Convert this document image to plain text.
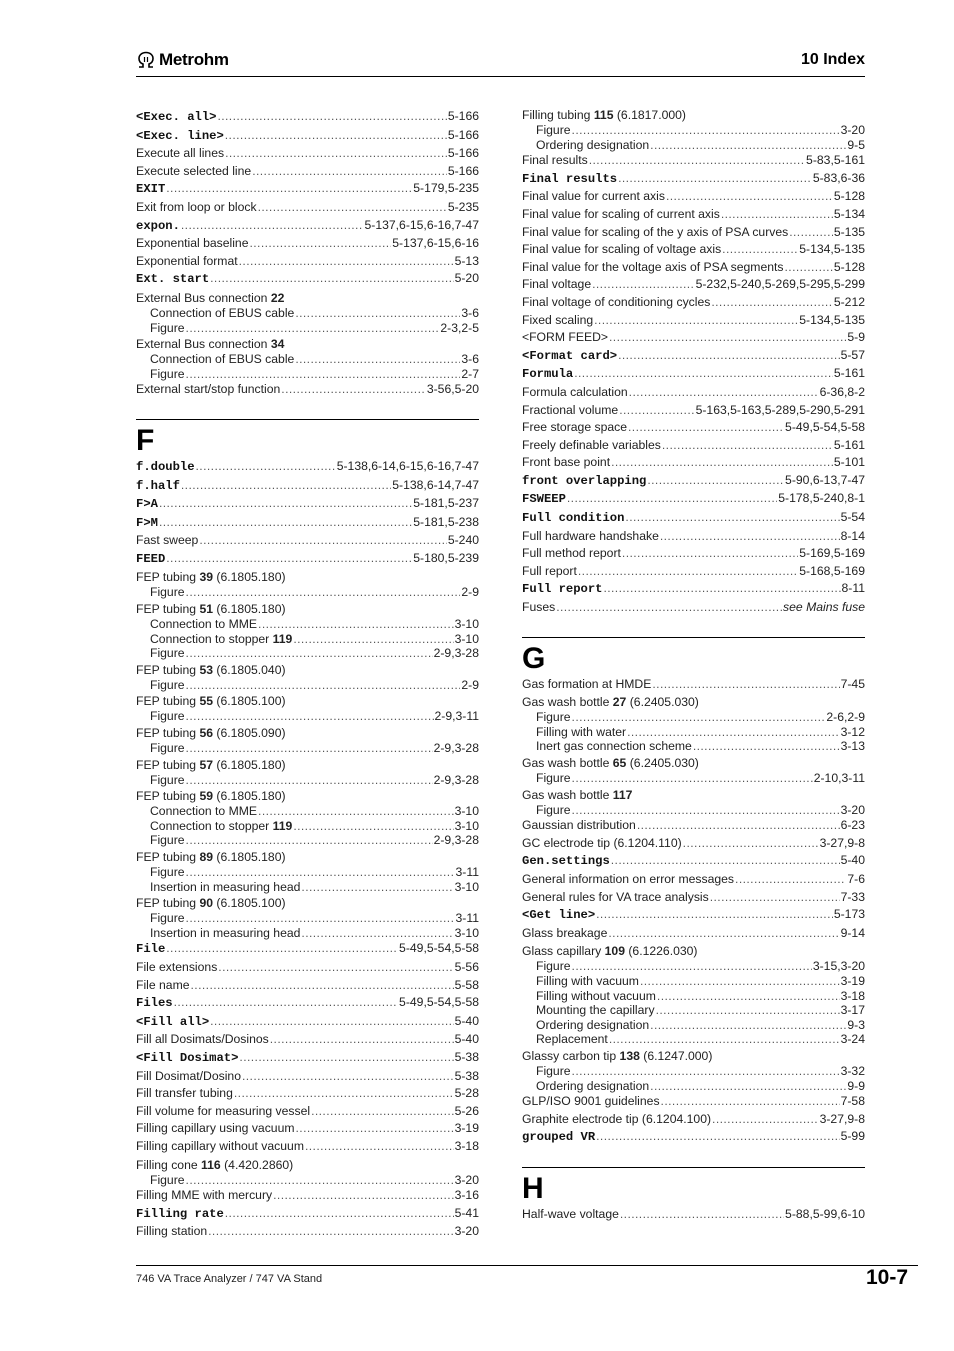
Metrohm	10 Index
<Exec. all> .....	5-166
<Exec. line> .....	5-166
Execute all lines .....	5-166
Execute selected line .....	5-166
EXIT .....	5-179,5-235
Exit from loop or block .....	5-235
expon. .....	5-137,6-15,6-16,7-47
Exponential baseline .....	5-137,6-15,6-16
Exponential format .....	5-13
Ext. start .....	5-20
External Bus connection 22
Connection of EBUS cable .....	3-6
Figure .....	2-3,2-5
External Bus connection 34
Connection of EBUS cable .....	3-6
Figure .....	2-7
External start/stop function .....	3-56,5-20
F
f.double .....	5-138,6-14,6-15,6-16,7-47
f.half .....	5-138,6-14,7-47
F>A .....	5-181,5-237
F>M .....	5-181,5-238
Fast sweep .....	5-240
FEED .....	5-180,5-239
FEP tubing 39 (6.1805.180)
Figure .....	2-9
FEP tubing 51 (6.1805.180)
Connection to MME .....	3-10
Connection to stopper 119 .....	3-10
Figure .....	2-9,3-28
FEP tubing 53 (6.1805.040)
Figure .....	2-9
FEP tubing 55 (6.1805.100)
Figure .....	2-9,3-11
FEP tubing 56 (6.1805.090)
Figure .....	2-9,3-28
FEP tubing 57 (6.1805.180)
Figure .....	2-9,3-28
FEP tubing 59 (6.1805.180)
Connection to MME .....	3-10
Connection to stopper 119 .....	3-10
Figure .....	2-9,3-28
FEP tubing 89 (6.1805.180)
Figure .....	3-11
Insertion in measuring head .....	3-10
FEP tubing 90 (6.1805.100)
Figure .....	3-11
Insertion in measuring head .....	3-10
File .....	5-49,5-54,5-58
File extensions .....	5-56
File name .....	5-58
Files .....	5-49,5-54,5-58
<Fill all> .....	5-40
Fill all Dosimats/Dosinos .....	5-40
<Fill Dosimat> .....	5-38
Fill Dosimat/Dosino .....	5-38
Fill transfer tubing .....	5-28
Fill volume for measuring vessel .....	5-26
Filling capillary using vacuum .....	3-19
Filling capillary without vacuum .....	3-18
Filling cone 116 (4.420.2860)
Figure .....	3-20
Filling MME with mercury .....	3-16
Filling rate .....	5-41
Filling station .....	3-20
Filling tubing 115 (6.1817.000)
Figure .....	3-20
Ordering designation .....	9-5
Final results .....	5-83,5-161
Final results .....	5-83,6-36
Final value for current axis .....	5-128
Final value for scaling of current axis .....	5-134
Final value for scaling of the y axis of PSA curves .....	5-135
Final value for scaling of voltage axis .....	5-134,5-135
Final value for the voltage axis of PSA segments .....	5-128
Final voltage .....	5-232,5-240,5-269,5-295,5-299
Final voltage of conditioning cycles .....	5-212
Fixed scaling .....	5-134,5-135
<FORM FEED> .....	5-9
<Format card> .....	5-57
Formula .....	5-161
Formula calculation .....	6-36,8-2
Fractional volume .....	5-163,5-163,5-289,5-290,5-291
Free storage space .....	5-49,5-54,5-58
Freely definable variables .....	5-161
Front base point .....	5-101
front overlapping .....	5-90,6-13,7-47
FSWEEP .....	5-178,5-240,8-1
Full condition .....	5-54
Full hardware handshake .....	8-14
Full method report .....	5-169,5-169
Full report .....	5-168,5-169
Full report .....	8-11
Fuses .....	see Mains fuse
G
Gas formation at HMDE .....	7-45
Gas wash bottle 27 (6.2405.030)
Figure .....	2-6,2-9
Filling with water .....	3-12
Inert gas connection scheme .....	3-13
Gas wash bottle 65 (6.2405.030)
Figure .....	2-10,3-11
Gas wash bottle 117
Figure .....	3-20
Gaussian distribution .....	6-23
GC electrode tip (6.1204.110) .....	3-27,9-8
Gen.settings .....	5-40
General information on error messages .....	7-6
General rules for VA trace analysis .....	7-33
<Get line> .....	5-173
Glass breakage .....	9-14
Glass capillary 109 (6.1226.030)
Figure .....	3-15,3-20
Filling with vacuum .....	3-19
Filling without vacuum .....	3-18
Mounting the capillary .....	3-17
Ordering designation .....	9-3
Replacement .....	3-24
Glassy carbon tip 138 (6.1247.000)
Figure .....	3-32
Ordering designation .....	9-9
GLP/ISO 9001 guidelines .....	7-58
Graphite electrode tip (6.1204.100) .....	3-27,9-8
grouped VR .....	5-99
H
Half-wave voltage .....	5-88,5-99,6-10
746 VA Trace Analyzer / 747 VA Stand	10-7
